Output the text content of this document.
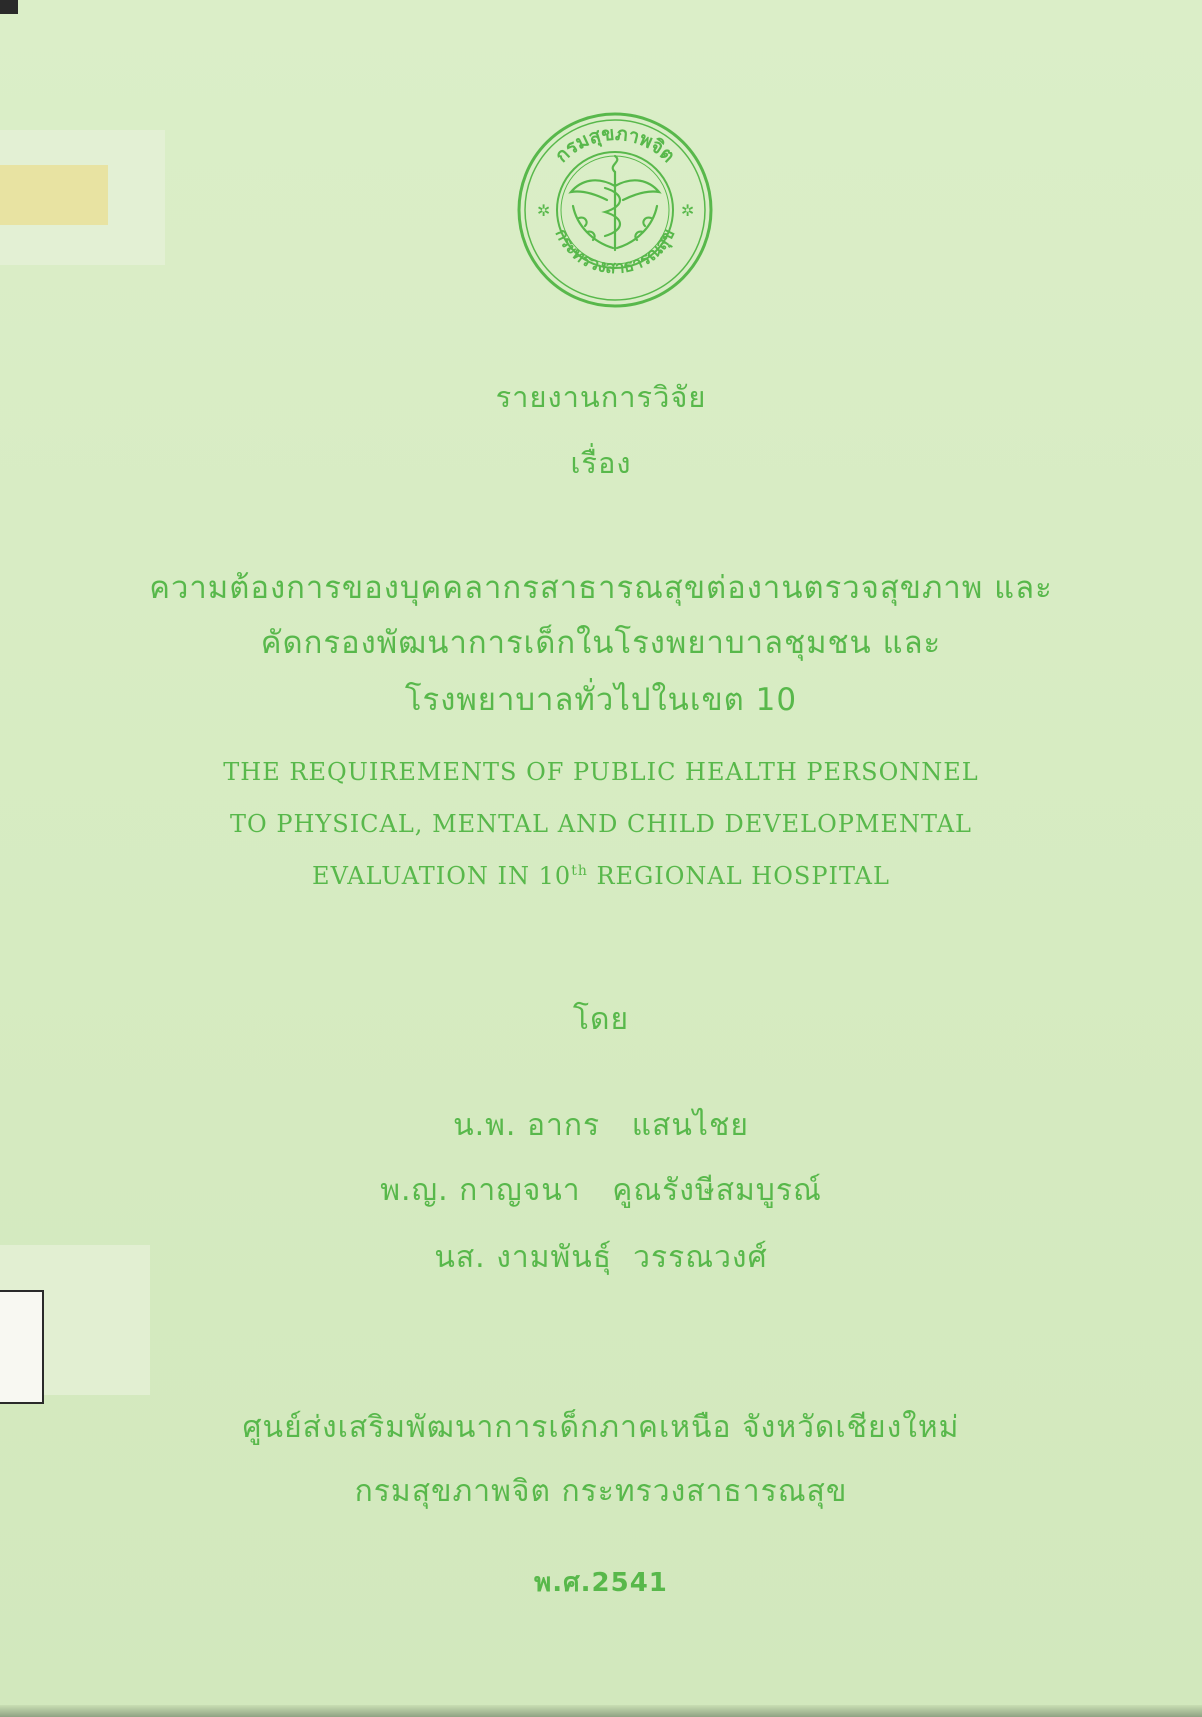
กรมสุขภาพจิต
กระทรวงสาธารณสุข
✲	✲
รายงานการวิจัย
เรื่อง
ความต้องการของบุคคลากรสาธารณสุขต่องานตรวจสุขภาพ และ
คัดกรองพัฒนาการเด็กในโรงพยาบาลชุมชน และ
โรงพยาบาลทั่วไปในเขต 10
THE REQUIREMENTS OF PUBLIC HEALTH PERSONNEL
TO PHYSICAL, MENTAL AND CHILD DEVELOPMENTAL
EVALUATION IN 10th REGIONAL HOSPITAL
โดย
น.พ. อากร   แสนไชย
พ.ญ. กาญจนา   คูณรังษีสมบูรณ์
นส. งามพันธุ์  วรรณวงศ์
ศูนย์ส่งเสริมพัฒนาการเด็กภาคเหนือ จังหวัดเชียงใหม่
กรมสุขภาพจิต กระทรวงสาธารณสุข
พ.ศ.2541
